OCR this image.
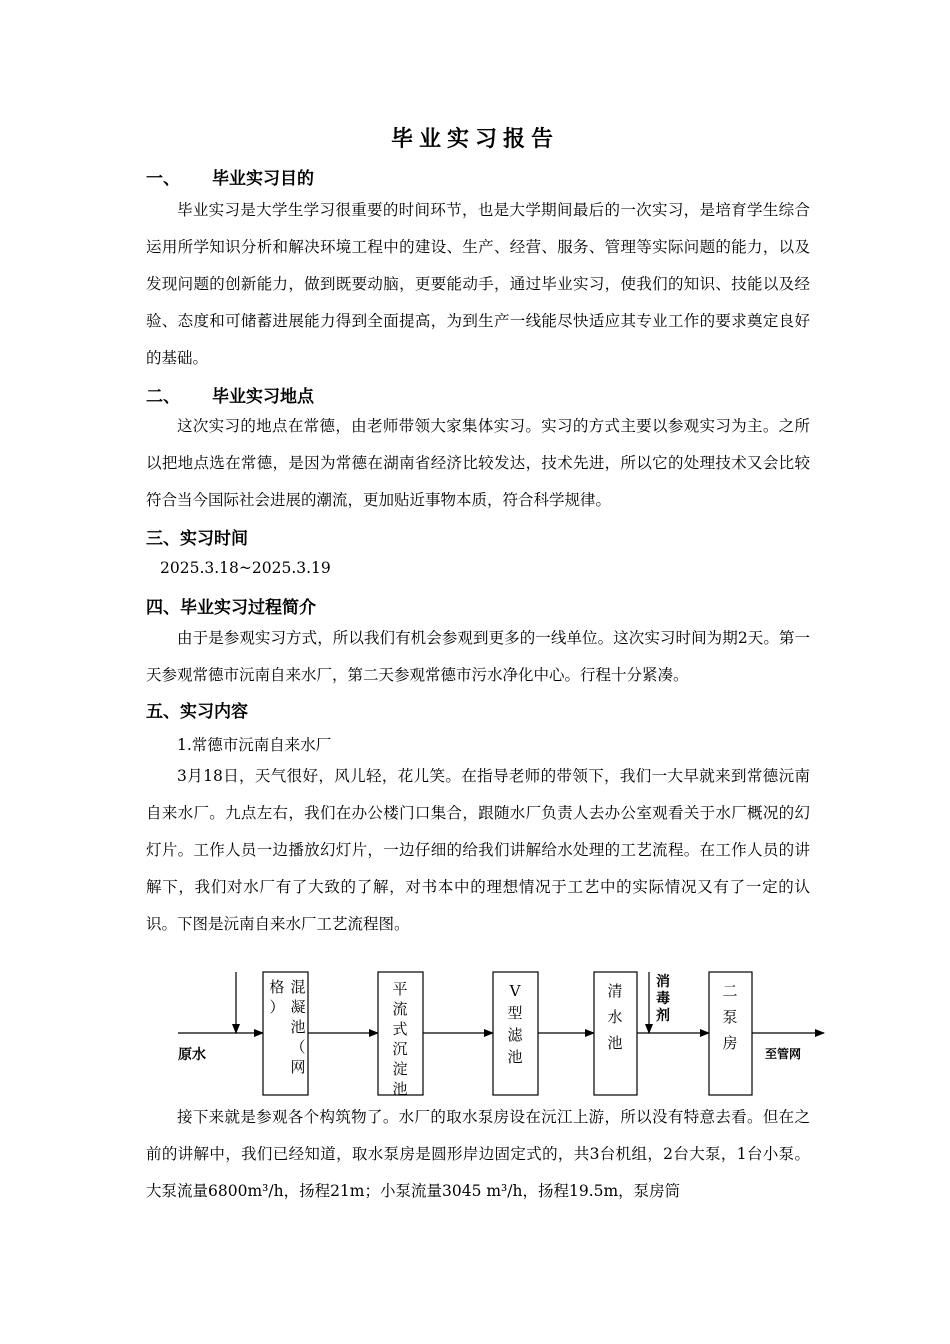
毕业实习报告
一、 毕业实习目的
毕业实习是大学生学习很重要的时间环节，也是大学期间最后的一次实习，是培育学生综合运用所学知识分析和解决环境工程中的建设、生产、经营、服务、管理等实际问题的能力，以及发现问题的创新能力，做到既要动脑，更要能动手，通过毕业实习，使我们的知识、技能以及经验、态度和可储蓄进展能力得到全面提高，为到生产一线能尽快适应其专业工作的要求奠定良好的基础。
二、 毕业实习地点
这次实习的地点在常德，由老师带领大家集体实习。实习的方式主要以参观实习为主。之所以把地点选在常德，是因为常德在湖南省经济比较发达，技术先进，所以它的处理技术又会比较符合当今国际社会进展的潮流，更加贴近事物本质，符合科学规律。
三、实习时间
2025.3.18~2025.3.19
四、毕业实习过程简介
由于是参观实习方式，所以我们有机会参观到更多的一线单位。这次实习时间为期2天。第一天参观常德市沅南自来水厂，第二天参观常德市污水净化中心。行程十分紧凑。
五、实习内容
1.常德市沅南自来水厂
3月18日，天气很好，风儿轻，花儿笑。在指导老师的带领下，我们一大早就来到常德沅南自来水厂。九点左右，我们在办公楼门口集合，跟随水厂负责人去办公室观看关于水厂概况的幻灯片。工作人员一边播放幻灯片，一边仔细的给我们讲解给水处理的工艺流程。在工作人员的讲解下，我们对水厂有了大致的了解，对书本中的理想情况于工艺中的实际情况又有了一定的认识。下图是沅南自来水厂工艺流程图。
原水
混
凝
池
（
网
格
）
平
流
式
沉
淀
池
V
型
滤
池
清
水
池
消
毒
剂
二
泵
房
至管网
接下来就是参观各个构筑物了。水厂的取水泵房设在沅江上游，所以没有特意去看。但在之前的讲解中，我们已经知道，取水泵房是圆形岸边固定式的，共3台机组，2台大泵，1台小泵。大泵流量6800m³/h，扬程21m；小泵流量3045 m³/h，扬程19.5m，泵房筒
